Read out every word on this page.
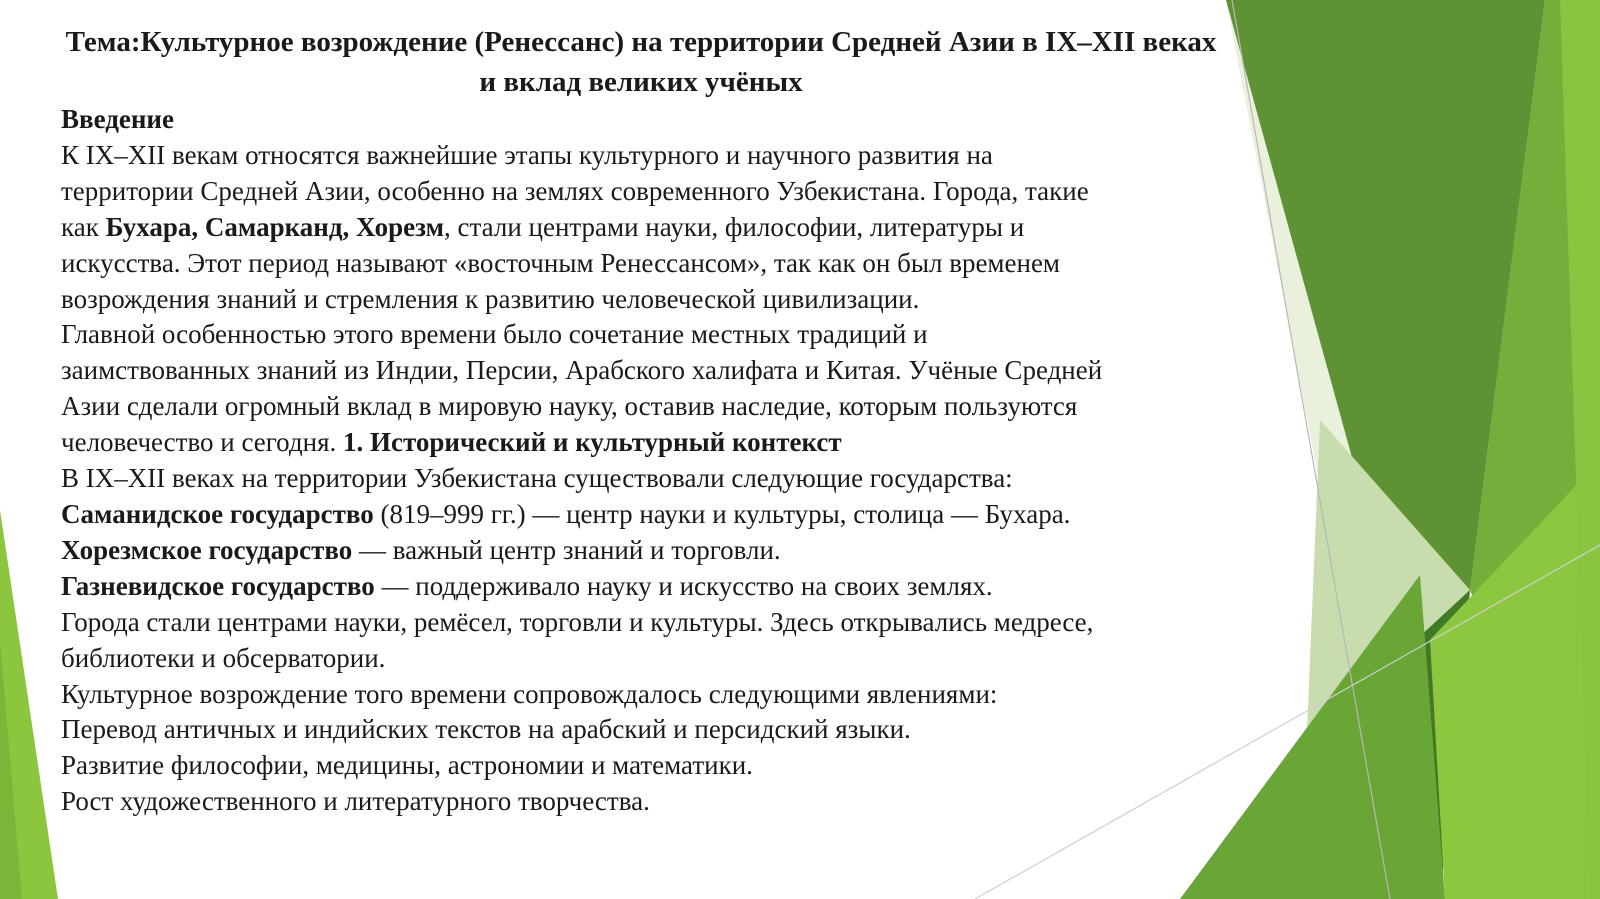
Тема:Культурное возрождение (Ренессанс) на территории Средней Азии в IX–XII веках и вклад великих учёных
Введение
К IX–XII векам относятся важнейшие этапы культурного и научного развития на
территории Средней Азии, особенно на землях современного Узбекистана. Города, такие
как Бухара, Самарканд, Хорезм, стали центрами науки, философии, литературы и
искусства. Этот период называют «восточным Ренессансом», так как он был временем
возрождения знаний и стремления к развитию человеческой цивилизации.
Главной особенностью этого времени было сочетание местных традиций и
заимствованных знаний из Индии, Персии, Арабского халифата и Китая. Учёные Средней
Азии сделали огромный вклад в мировую науку, оставив наследие, которым пользуются
человечество и сегодня. 1. Исторический и культурный контекст
В IX–XII веках на территории Узбекистана существовали следующие государства:
Саманидское государство (819–999 гг.) — центр науки и культуры, столица — Бухара.
Хорезмское государство — важный центр знаний и торговли.
Газневидское государство — поддерживало науку и искусство на своих землях.
Города стали центрами науки, ремёсел, торговли и культуры. Здесь открывались медресе,
библиотеки и обсерватории.
Культурное возрождение того времени сопровождалось следующими явлениями:
Перевод античных и индийских текстов на арабский и персидский языки.
Развитие философии, медицины, астрономии и математики.
Рост художественного и литературного творчества.
